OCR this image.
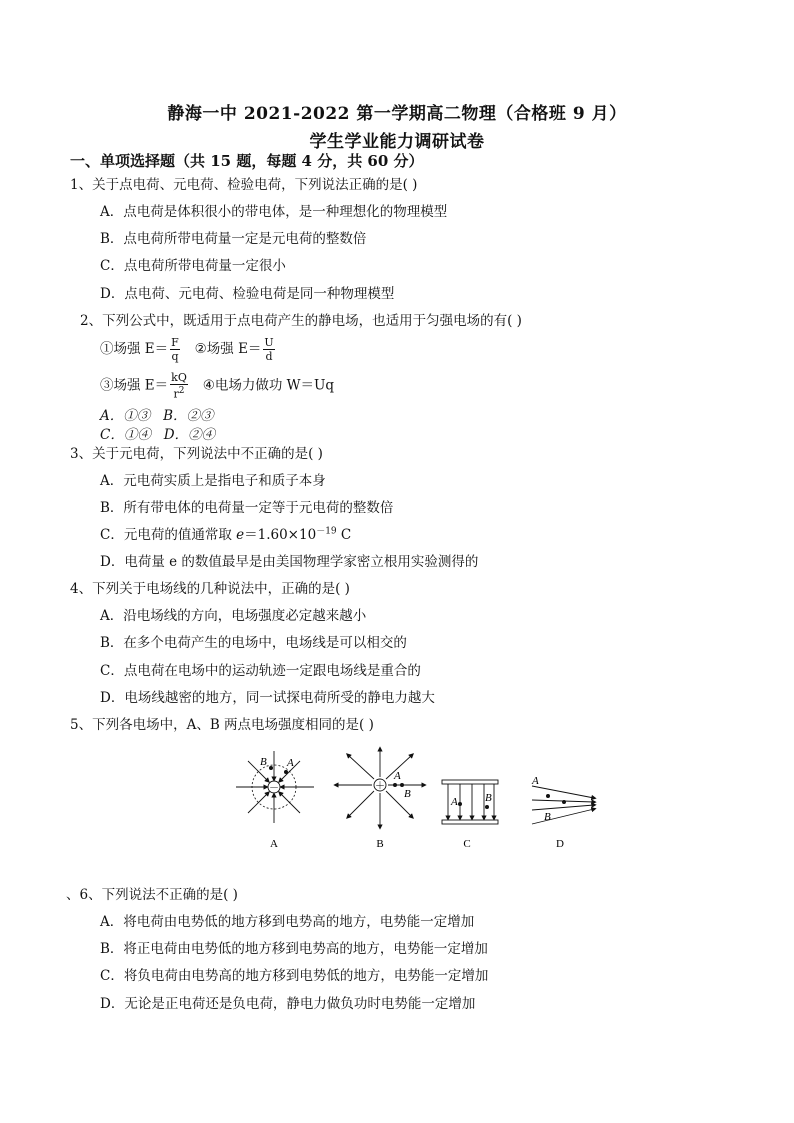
静海一中 2021-2022 第一学期高二物理（合格班 9 月）
学生学业能力调研试卷
一、单项选择题（共 15 题，每题 4 分，共 60 分）
1、关于点电荷、元电荷、检验电荷，下列说法正确的是( )
A．点电荷是体积很小的带电体，是一种理想化的物理模型
B．点电荷所带电荷量一定是元电荷的整数倍
C．点电荷所带电荷量一定很小
D．点电荷、元电荷、检验电荷是同一种物理模型
2、下列公式中，既适用于点电荷产生的静电场，也适用于匀强电场的有( )
①场强 $E= \frac{F}{q}$ ②场强 $E= \frac{U}{d}$
③场强 $E= \frac{kQ}{r^2}$ ④电场力做功 W＝Uq
A．①③ B．②③
C．①④ D．②④
3、关于元电荷，下列说法中不正确的是( )
A．元电荷实质上是指电子和质子本身
B．所有带电体的电荷量一定等于元电荷的整数倍
C．元电荷的值通常取 $e=1.60\times 10^{-19}$ C
D．电荷量 e 的数值最早是由美国物理学家密立根用实验测得的
4、下列关于电场线的几种说法中，正确的是( )
A．沿电场线的方向，电场强度必定越来越小
B．在多个电荷产生的电场中，电场线是可以相交的
C．点电荷在电场中的运动轨迹一定跟电场线是重合的
D．电场线越密的地方，同一试探电荷所受的静电力越大
5、下列各电场中，A、B 两点电场强度相同的是( )
－
B A
A
＋
A
B
B
A B
C
A
B
D
、6、下列说法不正确的是( )
A．将电荷由电势低的地方移到电势高的地方，电势能一定增加
B．将正电荷由电势低的地方移到电势高的地方，电势能一定增加
C．将负电荷由电势高的地方移到电势低的地方，电势能一定增加
D．无论是正电荷还是负电荷，静电力做负功时电势能一定增加
